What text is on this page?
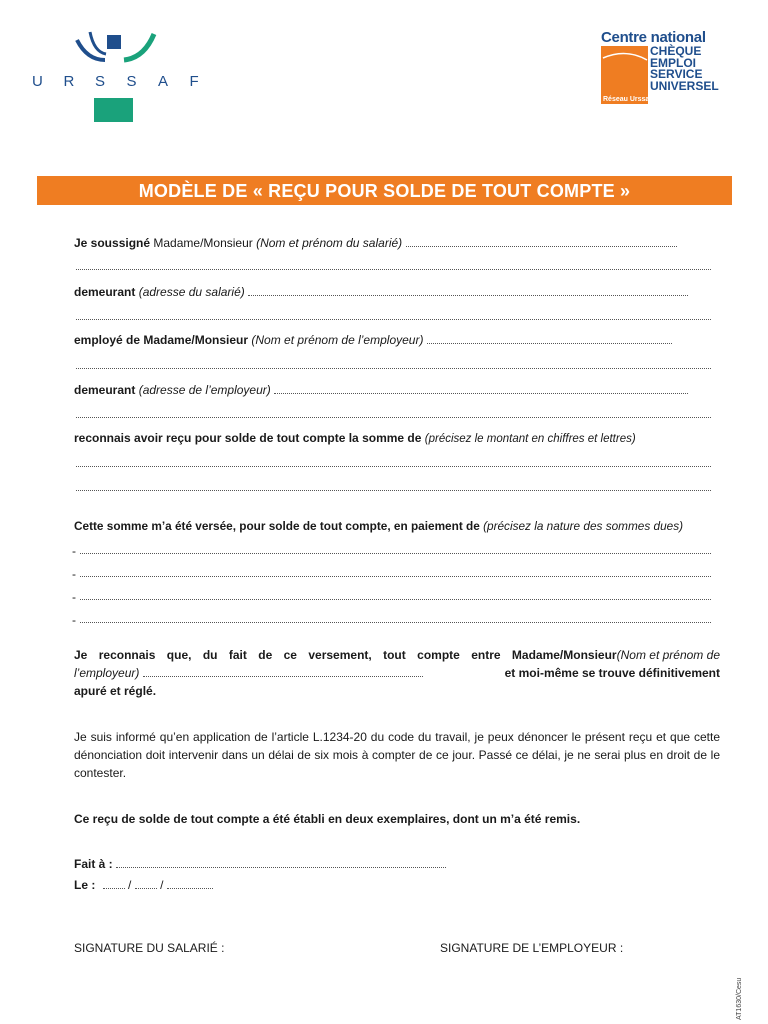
U R S S A F
Centre national
CHÈQUE
EMPLOI
SERVICE
UNIVERSEL
Réseau Urssaf
MODÈLE DE « REÇU POUR SOLDE DE TOUT COMPTE »
Je soussigné Madame/Monsieur (Nom et prénom du salarié)
demeurant (adresse du salarié)
employé de Madame/Monsieur (Nom et prénom de l’employeur)
demeurant (adresse de l’employeur)
reconnais avoir reçu pour solde de tout compte la somme de (précisez le montant en chiffres et lettres)
Cette somme m’a été versée, pour solde de tout compte, en paiement de (précisez la nature des sommes dues)
-
-
-
-
Je reconnais que, du fait de ce versement, tout compte entre Madame/Monsieur (Nom et prénom de
l’employeur)	et moi-même se trouve définitivement
apuré et réglé.
Je suis informé qu’en application de l’article L.1234-20 du code du travail, je peux dénoncer le présent reçu et que cette dénonciation doit intervenir dans un délai de six mois à compter de ce jour. Passé ce délai, je ne serai plus en droit de le contester.
Ce reçu de solde de tout compte a été établi en deux exemplaires, dont un m’a été remis.
Fait à :
Le :	/ /
SIGNATURE DU SALARIÉ :	SIGNATURE DE L’EMPLOYEUR :
AT1630/Cesu
